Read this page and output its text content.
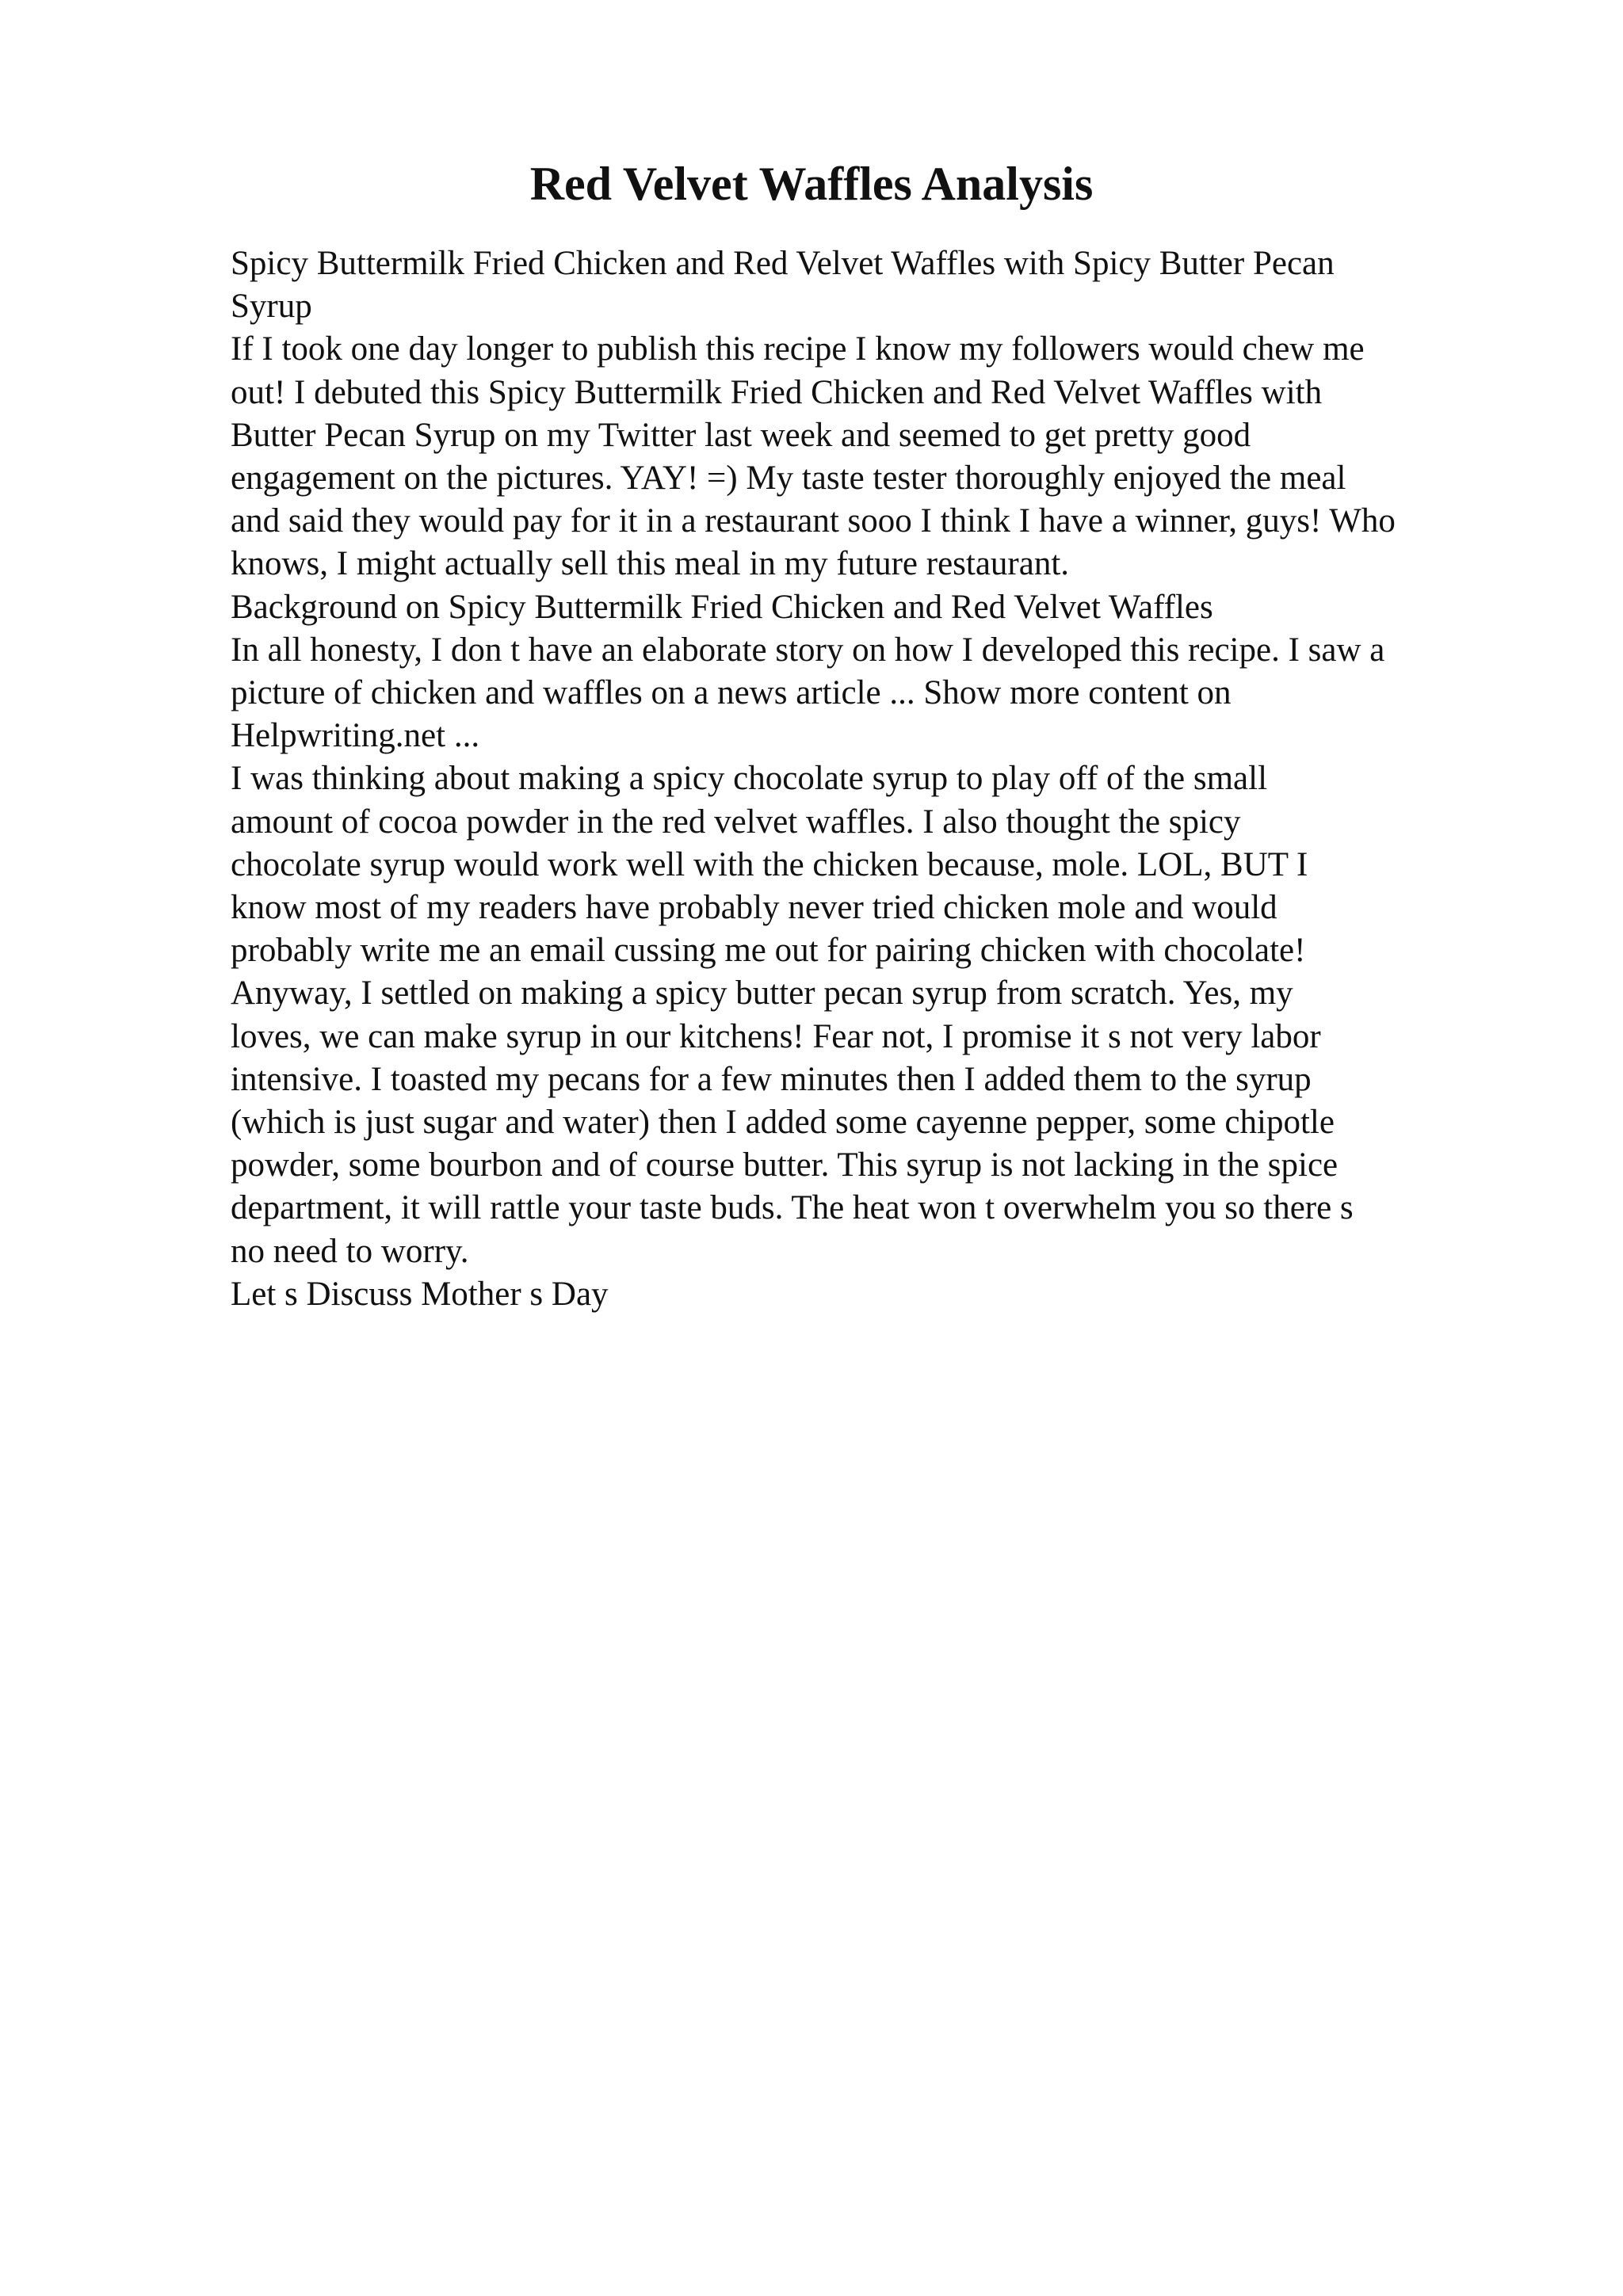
Red Velvet Waffles Analysis
Spicy Buttermilk Fried Chicken and Red Velvet Waffles with Spicy Butter Pecan
Syrup
If I took one day longer to publish this recipe I know my followers would chew me
out! I debuted this Spicy Buttermilk Fried Chicken and Red Velvet Waffles with
Butter Pecan Syrup on my Twitter last week and seemed to get pretty good
engagement on the pictures. YAY! =) My taste tester thoroughly enjoyed the meal
and said they would pay for it in a restaurant sooo I think I have a winner, guys! Who
knows, I might actually sell this meal in my future restaurant.
Background on Spicy Buttermilk Fried Chicken and Red Velvet Waffles
In all honesty, I don t have an elaborate story on how I developed this recipe. I saw a
picture of chicken and waffles on a news article ... Show more content on
Helpwriting.net ...
I was thinking about making a spicy chocolate syrup to play off of the small
amount of cocoa powder in the red velvet waffles. I also thought the spicy
chocolate syrup would work well with the chicken because, mole. LOL, BUT I
know most of my readers have probably never tried chicken mole and would
probably write me an email cussing me out for pairing chicken with chocolate!
Anyway, I settled on making a spicy butter pecan syrup from scratch. Yes, my
loves, we can make syrup in our kitchens! Fear not, I promise it s not very labor
intensive. I toasted my pecans for a few minutes then I added them to the syrup
(which is just sugar and water) then I added some cayenne pepper, some chipotle
powder, some bourbon and of course butter. This syrup is not lacking in the spice
department, it will rattle your taste buds. The heat won t overwhelm you so there s
no need to worry.
Let s Discuss Mother s Day
